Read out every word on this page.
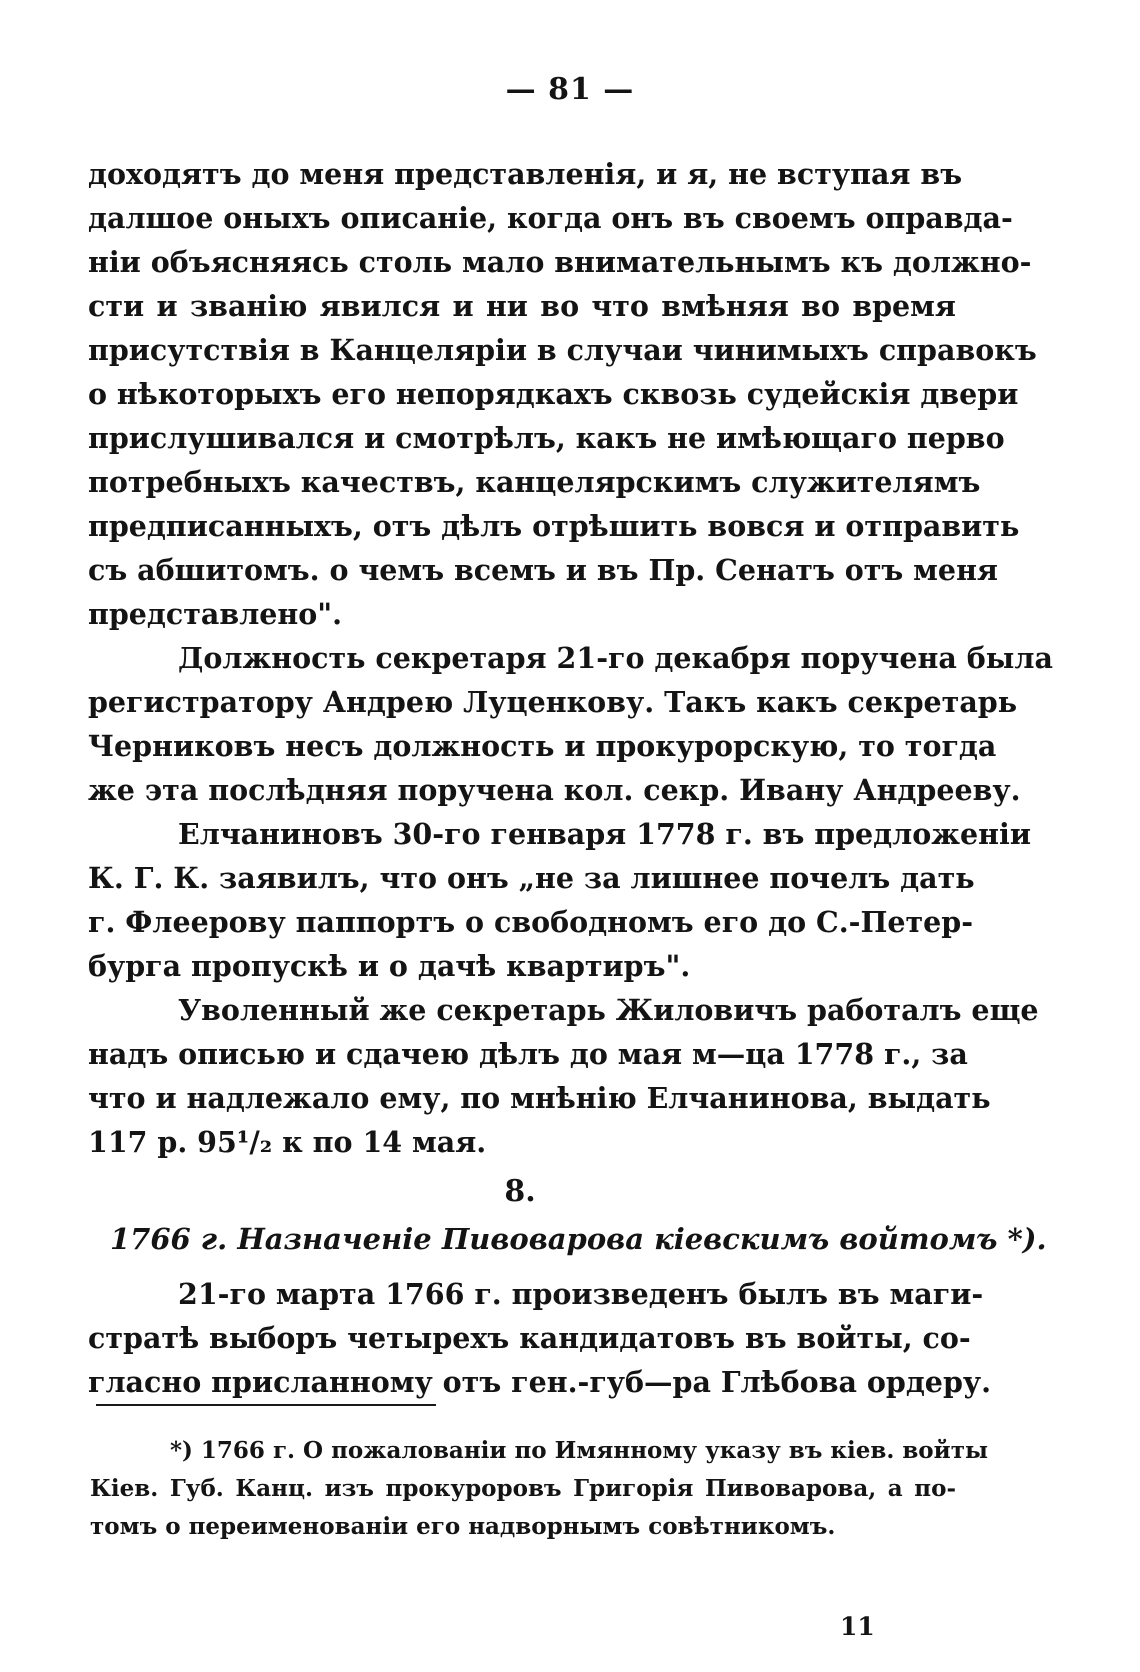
— 81 —
доходятъ до меня представленія, и я, не вступая въ
далшое оныхъ описаніе, когда онъ въ своемъ оправда-
ніи объясняясь столь мало внимательнымъ къ должно-
сти и званію явился и ни во что вмѣняя во время
присутствія в Канцеляріи в случаи чинимыхъ справокъ
о нѣкоторыхъ его непорядкахъ сквозь судейскія двери
прислушивался и смотрѣлъ, какъ не имѣющаго перво
потребныхъ качествъ, канцелярскимъ служителямъ
предписанныхъ, отъ дѣлъ отрѣшить вовся и отправить
съ абшитомъ. о чемъ всемъ и въ Пр. Сенатъ отъ меня
представлено".
Должность секретаря 21-го декабря поручена была
регистратору Андрею Луценкову. Такъ какъ секретарь
Черниковъ несъ должность и прокурорскую, то тогда
же эта послѣдняя поручена кол. секр. Ивану Андрееву.
Елчаниновъ 30-го генваря 1778 г. въ предложеніи
К. Г. К. заявилъ, что онъ „не за лишнее почелъ дать
г. Флеерову паппортъ о свободномъ его до С.-Петер-
бурга пропускѣ и о дачѣ квартиръ".
Уволенный же секретарь Жиловичъ работалъ еще
надъ описью и сдачею дѣлъ до мая м—ца 1778 г., за
что и надлежало ему, по мнѣнію Елчанинова, выдать
117 р. 95¹/₂ к по 14 мая.
8.
1766 г. Назначеніе Пивоварова кіевскимъ войтомъ *).
21-го марта 1766 г. произведенъ былъ въ маги-
стратѣ выборъ четырехъ кандидатовъ въ войты, со-
гласно присланному отъ ген.-губ—ра Глѣбова ордеру.
*) 1766 г. О пожалованіи по Имянному указу въ кіев. войты
Кіев. Губ. Канц. изъ прокуроровъ Григорія Пивоварова, а по-
томъ о переименованіи его надворнымъ совѣтникомъ.
11
